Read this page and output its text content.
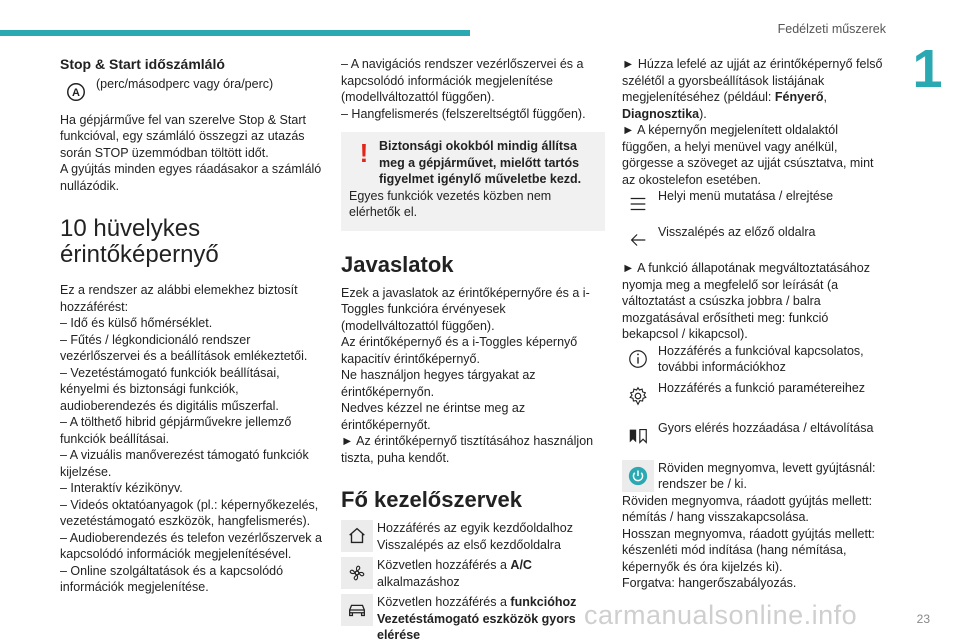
Fedélzeti műszerek
1

Stop & Start időszámláló

A

(perc/másodperc vagy óra/perc)

Ha gépjárműve fel van szerelve Stop & Start funkcióval, egy számláló összegzi az utazás során STOP üzemmódban töltött időt.

A gyújtás minden egyes ráadásakor a számláló nullázódik.

10 hüvelykes érintőképernyő

Ez a rendszer az alábbi elemekhez biztosít hozzáférést:

– Idő és külső hőmérséklet.

– Fűtés / légkondicionáló rendszer vezérlőszervei és a beállítások emlékeztetői.

– Vezetéstámogató funkciók beállításai, kényelmi és biztonsági funkciók, audioberendezés és digitális műszerfal.

– A tölthető hibrid gépjárművekre jellemző funkciók beállításai.

– A vizuális manőverezést támogató funkciók kijelzése.

– Interaktív kézikönyv.

– Videós oktatóanyagok (pl.: képernyőkezelés, vezetéstámogató eszközök, hangfelismerés).

– Audioberendezés és telefon vezérlőszervek a kapcsolódó információk megjelenítésével.

– Online szolgáltatások és a kapcsolódó információk megjelenítése.

– A navigációs rendszer vezérlőszervei és a kapcsolódó információk megjelenítése (modellváltozattól függően).

– Hangfelismerés (felszereltségtől függően).

! Biztonsági okokból mindig állítsa meg a gépjárművet, mielőtt tartós figyelmet igénylő műveletbe kezd.

Egyes funkciók vezetés közben nem elérhetők el.

Javaslatok

Ezek a javaslatok az érintőképernyőre és a i-Toggles funkcióra érvényesek (modellváltozattól függően).

Az érintőképernyő és a i-Toggles képernyő kapacitív érintőképernyő.

Ne használjon hegyes tárgyakat az érintőképernyőn.

Nedves kézzel ne érintse meg az érintőképernyőt.

► Az érintőképernyő tisztításához használjon tiszta, puha kendőt.

Fő kezelőszervek

Hozzáférés az egyik kezdőoldalhoz Visszalépés az első kezdőoldalra

Közvetlen hozzáférés a A/C alkalmazáshoz

Közvetlen hozzáférés a funkcióhoz Vezetéstámogató eszközök gyors elérése

► Húzza lefelé az ujját az érintőképernyő felső szélétől a gyorsbeállítások listájának megjelenítéséhez (például: Fényerő, Diagnosztika).

► A képernyőn megjelenített oldalaktól függően, a helyi menüvel vagy anélkül, görgesse a szöveget az ujját csúsztatva, mint az okostelefon esetében.

Helyi menü mutatása / elrejtése

Visszalépés az előző oldalra

► A funkció állapotának megváltoztatásához nyomja meg a megfelelő sor leírását (a változtatást a csúszka jobbra / balra mozgatásával erősítheti meg: funkció bekapcsol / kikapcsol).

Hozzáférés a funkcióval kapcsolatos, további információkhoz

Hozzáférés a funkció paramétereihez

Gyors elérés hozzáadása / eltávolítása

Röviden megnyomva, levett gyújtásnál: rendszer be / ki.

Röviden megnyomva, ráadott gyújtás mellett: némítás / hang visszakapcsolása.

Hosszan megnyomva, ráadott gyújtás mellett: készenléti mód indítása (hang némítása, képernyők és óra kijelzés ki).

Forgatva: hangerőszabályozás.

carmanualsonline.info	23
